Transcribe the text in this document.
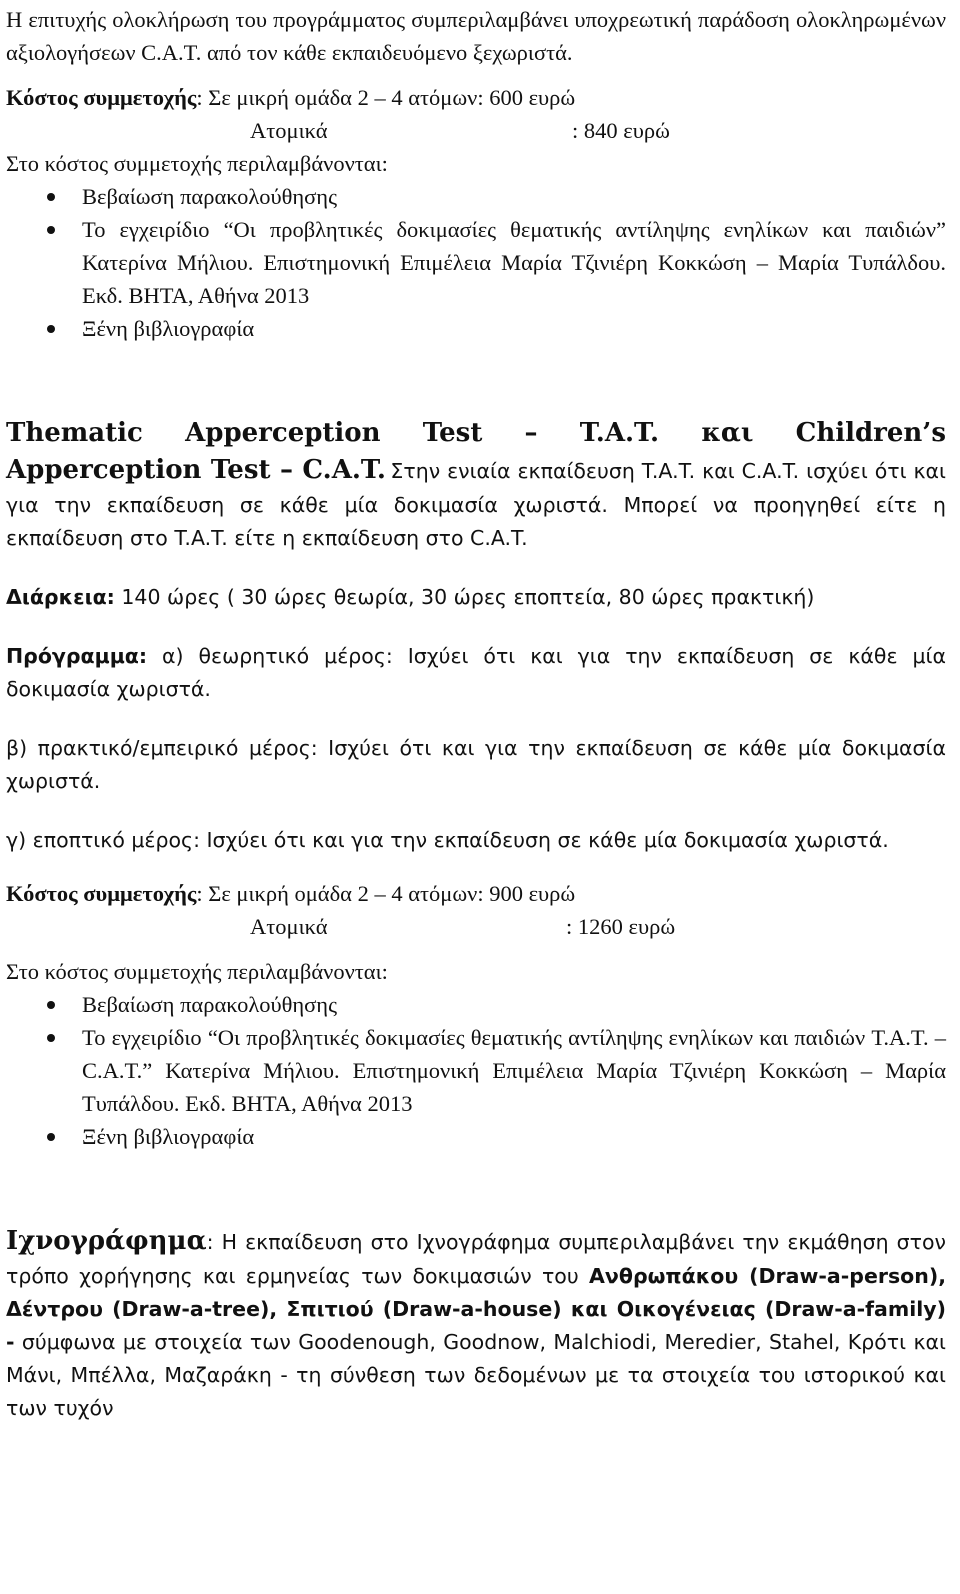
Η επιτυχής ολοκλήρωση του προγράμματος συμπεριλαμβάνει υποχρεωτική παράδοση ολοκληρωμένων αξιολογήσεων C.A.T. από τον κάθε εκπαιδευόμενο ξεχωριστά.

Κόστος συμμετοχής: Σε μικρή ομάδα 2 – 4 ατόμων: 600 ευρώ

Ατομικά	: 840 ευρώ

Στο κόστος συμμετοχής περιλαμβάνονται:

Βεβαίωση παρακολούθησης
Το εγχειρίδιο “Οι προβλητικές δοκιμασίες θεματικής αντίληψης ενηλίκων και παιδιών” Κατερίνα Μήλιου. Επιστημονική Επιμέλεια Μαρία Τζινιέρη Κοκκώση – Μαρία Τυπάλδου. Εκδ. ΒΗΤΑ, Αθήνα 2013
Ξένη βιβλιογραφία

Thematic Apperception Test – T.A.T. και Children’s Apperception Test – C.A.T. Στην ενιαία εκπαίδευση T.A.T. και C.A.T. ισχύει ότι και για την εκπαίδευση σε κάθε μία δοκιμασία χωριστά. Μπορεί να προηγηθεί είτε η εκπαίδευση στο T.A.T. είτε η εκπαίδευση στο C.A.T.

Διάρκεια: 140 ώρες ( 30 ώρες θεωρία, 30 ώρες εποπτεία, 80 ώρες πρακτική)

Πρόγραμμα: α) θεωρητικό μέρος: Ισχύει ότι και για την εκπαίδευση σε κάθε μία δοκιμασία χωριστά.

β) πρακτικό/εμπειρικό μέρος: Ισχύει ότι και για την εκπαίδευση σε κάθε μία δοκιμασία χωριστά.

γ) εποπτικό μέρος: Ισχύει ότι και για την εκπαίδευση σε κάθε μία δοκιμασία χωριστά.

Κόστος συμμετοχής: Σε μικρή ομάδα 2 – 4 ατόμων: 900 ευρώ

Ατομικά	: 1260 ευρώ

Στο κόστος συμμετοχής περιλαμβάνονται:

Βεβαίωση παρακολούθησης
Το εγχειρίδιο “Οι προβλητικές δοκιμασίες θεματικής αντίληψης ενηλίκων και παιδιών T.A.T. – C.A.T.” Κατερίνα Μήλιου. Επιστημονική Επιμέλεια Μαρία Τζινιέρη Κοκκώση – Μαρία Τυπάλδου. Εκδ. ΒΗΤΑ, Αθήνα 2013
Ξένη βιβλιογραφία

Ιχνογράφημα: Η εκπαίδευση στο Ιχνογράφημα συμπεριλαμβάνει την εκμάθηση στον τρόπο χορήγησης και ερμηνείας των δοκιμασιών του Ανθρωπάκου (Draw-a-person), Δέντρου (Draw-a-tree), Σπιτιού (Draw-a-house) και Οικογένειας (Draw-a-family) - σύμφωνα με στοιχεία των Goodenough, Goodnow, Malchiodi, Meredier, Stahel, Κρότι και Μάνι, Μπέλλα, Μαζαράκη - τη σύνθεση των δεδομένων με τα στοιχεία του ιστορικού και των τυχόν
